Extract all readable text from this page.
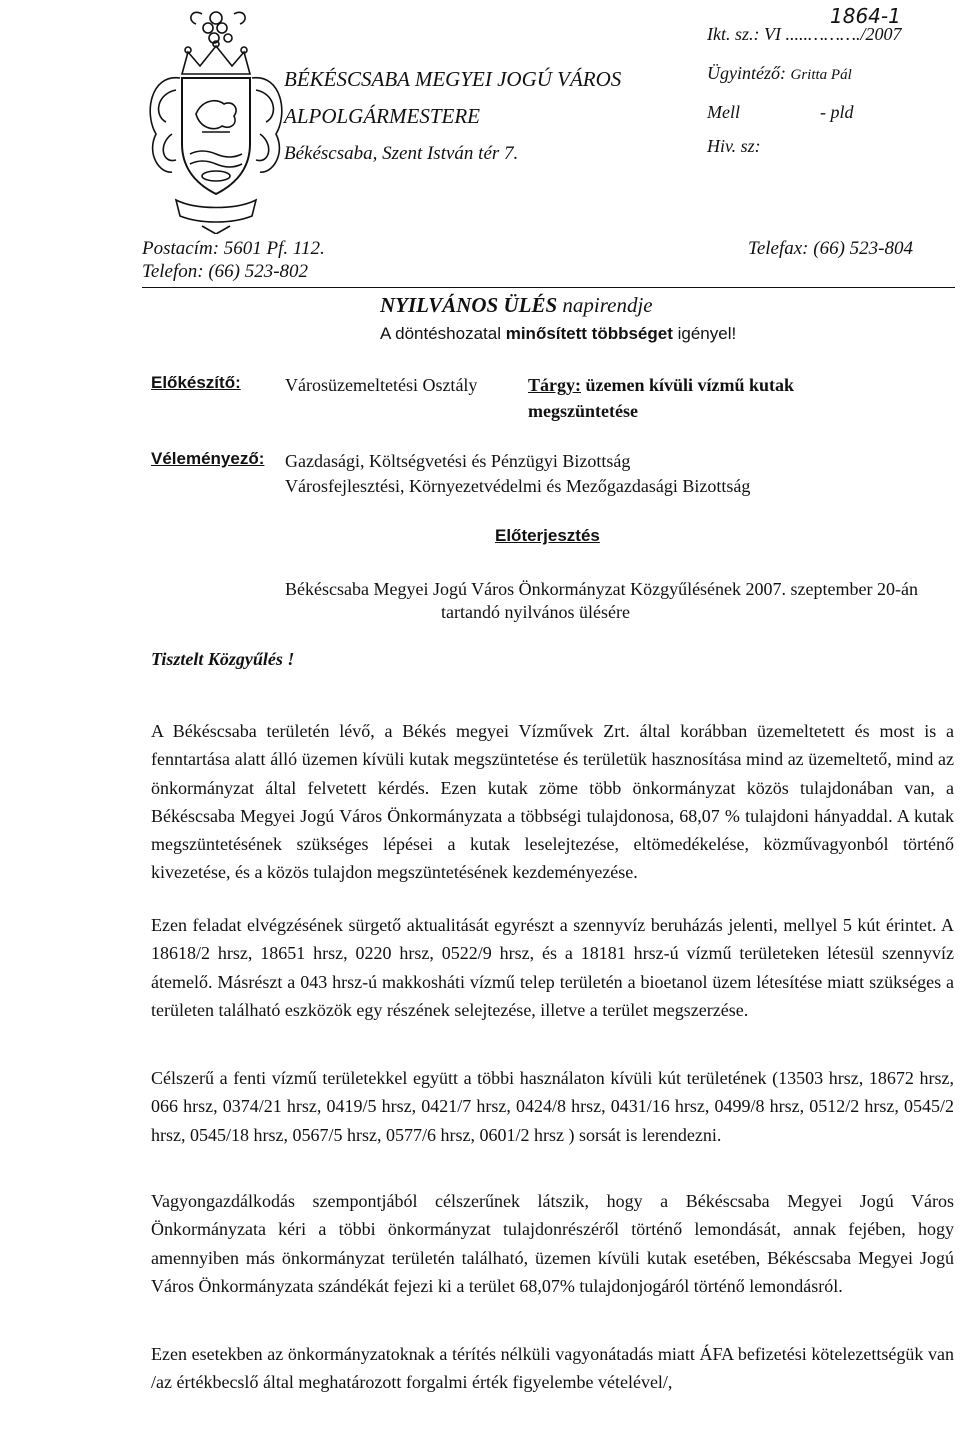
BÉKÉSCSABA MEGYEI JOGÚ VÁROS
ALPOLGÁRMESTERE
Békéscsaba, Szent István tér 7.
Ikt. sz.: VI .....……….
1864-1
/2007
Ügyintéző: Gritta Pál
Mell	- pld
Hiv. sz:
Postacím: 5601 Pf. 112.
Telefon: (66) 523-802
Telefax: (66) 523-804
NYILVÁNOS ÜLÉS napirendje
A döntéshozatal minősített többséget igényel!
Előkészítő: Városüzemeltetési Osztály	Tárgy: üzemen kívüli vízmű kutak
megszüntetése
Véleményező: Gazdasági, Költségvetési és Pénzügyi Bizottság
Városfejlesztési, Környezetvédelmi és Mezőgazdasági Bizottság
Előterjesztés
Békéscsaba Megyei Jogú Város Önkormányzat Közgyűlésének 2007. szeptember 20-án
tartandó nyilvános ülésére
Tisztelt Közgyűlés !

A Békéscsaba területén lévő, a Békés megyei Vízművek Zrt. által korábban üzemeltetett és most is a fenntartása alatt álló üzemen kívüli kutak megszüntetése és területük hasznosítása mind az üzemeltető, mind az önkormányzat által felvetett kérdés. Ezen kutak zöme több önkormányzat közös tulajdonában van, a Békéscsaba Megyei Jogú Város Önkormányzata a többségi tulajdonosa, 68,07 % tulajdoni hányaddal. A kutak megszüntetésének szükséges lépései a kutak leselejtezése, eltömedékelése, közművagyonból történő kivezetése, és a közös tulajdon megszüntetésének kezdeményezése.

Ezen feladat elvégzésének sürgető aktualitását egyrészt a szennyvíz beruházás jelenti, mellyel 5 kút érintet. A 18618/2 hrsz, 18651 hrsz, 0220 hrsz, 0522/9 hrsz, és a 18181 hrsz-ú vízmű területeken létesül szennyvíz átemelő. Másrészt a 043 hrsz-ú makkosháti vízmű telep területén a bioetanol üzem létesítése miatt szükséges a területen található eszközök egy részének selejtezése, illetve a terület megszerzése.

Célszerű a fenti vízmű területekkel együtt a többi használaton kívüli kút területének (13503 hrsz, 18672 hrsz, 066 hrsz, 0374/21 hrsz, 0419/5 hrsz, 0421/7 hrsz, 0424/8 hrsz, 0431/16 hrsz, 0499/8 hrsz, 0512/2 hrsz, 0545/2 hrsz, 0545/18 hrsz, 0567/5 hrsz, 0577/6 hrsz, 0601/2 hrsz ) sorsát is lerendezni.

Vagyongazdálkodás szempontjából célszerűnek látszik, hogy a Békéscsaba Megyei Jogú Város Önkormányzata kéri a többi önkormányzat tulajdonrészéről történő lemondását, annak fejében, hogy amennyiben más önkormányzat területén található, üzemen kívüli kutak esetében, Békéscsaba Megyei Jogú Város Önkormányzata szándékát fejezi ki a terület 68,07% tulajdonjogáról történő lemondásról.

Ezen esetekben az önkormányzatoknak a térítés nélküli vagyonátadás miatt ÁFA befizetési kötelezettségük van /az értékbecslő által meghatározott forgalmi érték figyelembe vételével/,
